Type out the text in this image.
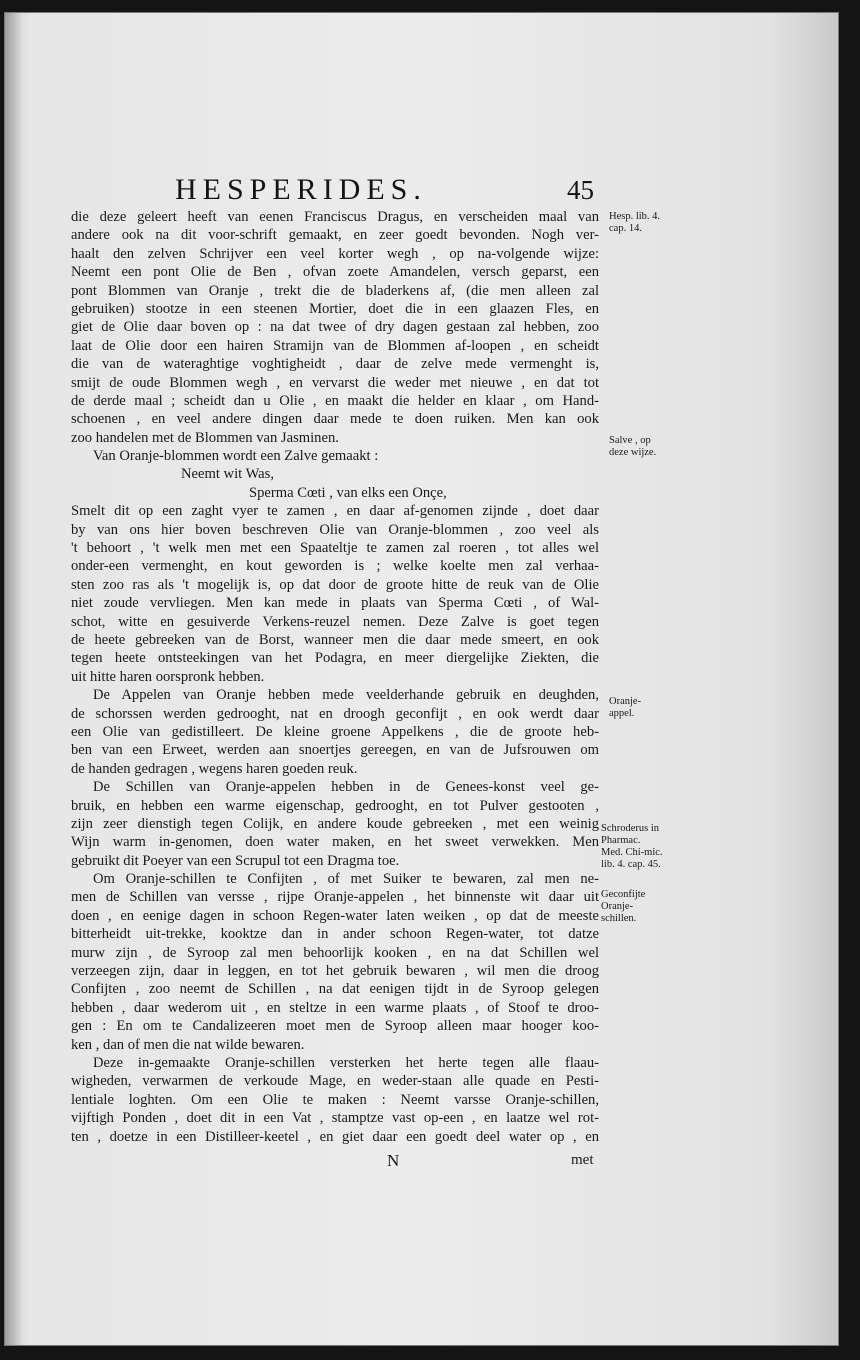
HESPERIDES.	45
die deze geleert heeft van eenen Franciscus Dragus, en verscheiden maal van
andere ook na dit voor-schrift gemaakt, en zeer goedt bevonden. Nogh ver-
haalt den zelven Schrijver een veel korter wegh , op na-volgende wijze:
Neemt een pont Olie de Ben , ofvan zoete Amandelen, versch geparst, een
pont Blommen van Oranje , trekt die de bladerkens af, (die men alleen zal
gebruiken) stootze in een steenen Mortier, doet die in een glaazen Fles, en
giet de Olie daar boven op : na dat twee of dry dagen gestaan zal hebben, zoo
laat de Olie door een hairen Stramijn van de Blommen af-loopen , en scheidt
die van de wateraghtige voghtigheidt , daar de zelve mede vermenght is,
smijt de oude Blommen wegh , en vervarst die weder met nieuwe , en dat tot
de derde maal ; scheidt dan u Olie , en maakt die helder en klaar , om Hand-
schoenen , en veel andere dingen daar mede te doen ruiken. Men kan ook
zoo handelen met de Blommen van Jasminen.
Van Oranje-blommen wordt een Zalve gemaakt :
Neemt wit Was,
Sperma Cœti , van elks een Onçe,
Smelt dit op een zaght vyer te zamen , en daar af-genomen zijnde , doet daar
by van ons hier boven beschreven Olie van Oranje-blommen , zoo veel als
't behoort , 't welk men met een Spaateltje te zamen zal roeren , tot alles wel
onder-een vermenght, en kout geworden is ; welke koelte men zal verhaa-
sten zoo ras als 't mogelijk is, op dat door de groote hitte de reuk van de Olie
niet zoude vervliegen. Men kan mede in plaats van Sperma Cœti , of Wal-
schot, witte en gesuiverde Verkens-reuzel nemen. Deze Zalve is goet tegen
de heete gebreeken van de Borst, wanneer men die daar mede smeert, en ook
tegen heete ontsteekingen van het Podagra, en meer diergelijke Ziekten, die
uit hitte haren oorspronk hebben.
De Appelen van Oranje hebben mede veelderhande gebruik en deughden,
de schorssen werden gedrooght, nat en droogh geconfijt , en ook werdt daar
een Olie van gedistilleert. De kleine groene Appelkens , die de groote heb-
ben van een Erweet, werden aan snoertjes gereegen, en van de Jufsrouwen om
de handen gedragen , wegens haren goeden reuk.
De Schillen van Oranje-appelen hebben in de Genees-konst veel ge-
bruik, en hebben een warme eigenschap, gedrooght, en tot Pulver gestooten ,
zijn zeer dienstigh tegen Colijk, en andere koude gebreeken , met een weinig
Wijn warm in-genomen, doen water maken, en het sweet verwekken. Men
gebruikt dit Poeyer van een Scrupul tot een Dragma toe.
Om Oranje-schillen te Confijten , of met Suiker te bewaren, zal men ne-
men de Schillen van versse , rijpe Oranje-appelen , het binnenste wit daar uit
doen , en eenige dagen in schoon Regen-water laten weiken , op dat de meeste
bitterheidt uit-trekke, kooktze dan in ander schoon Regen-water, tot datze
murw zijn , de Syroop zal men behoorlijk kooken , en na dat Schillen wel
verzeegen zijn, daar in leggen, en tot het gebruik bewaren , wil men die droog
Confijten , zoo neemt de Schillen , na dat eenigen tijdt in de Syroop gelegen
hebben , daar wederom uit , en steltze in een warme plaats , of Stoof te droo-
gen : En om te Candalizeeren moet men de Syroop alleen maar hooger koo-
ken , dan of men die nat wilde bewaren.
Deze in-gemaakte Oranje-schillen versterken het herte tegen alle flaau-
wigheden, verwarmen de verkoude Mage, en weder-staan alle quade en Pesti-
lentiale loghten. Om een Olie te maken : Neemt varsse Oranje-schillen,
vijftigh Ponden , doet dit in een Vat , stamptze vast op-een , en laatze wel rot-
ten , doetze in een Distilleer-keetel , en giet daar een goedt deel water op , en
Hesp. lib. 4. cap. 14.
Salve , op deze wijze.
Oranje-appel.
Schroderus in Pharmac. Med. Chi-mic. lib. 4. cap. 45.
Geconfijte Oranje-schillen.
N	met
